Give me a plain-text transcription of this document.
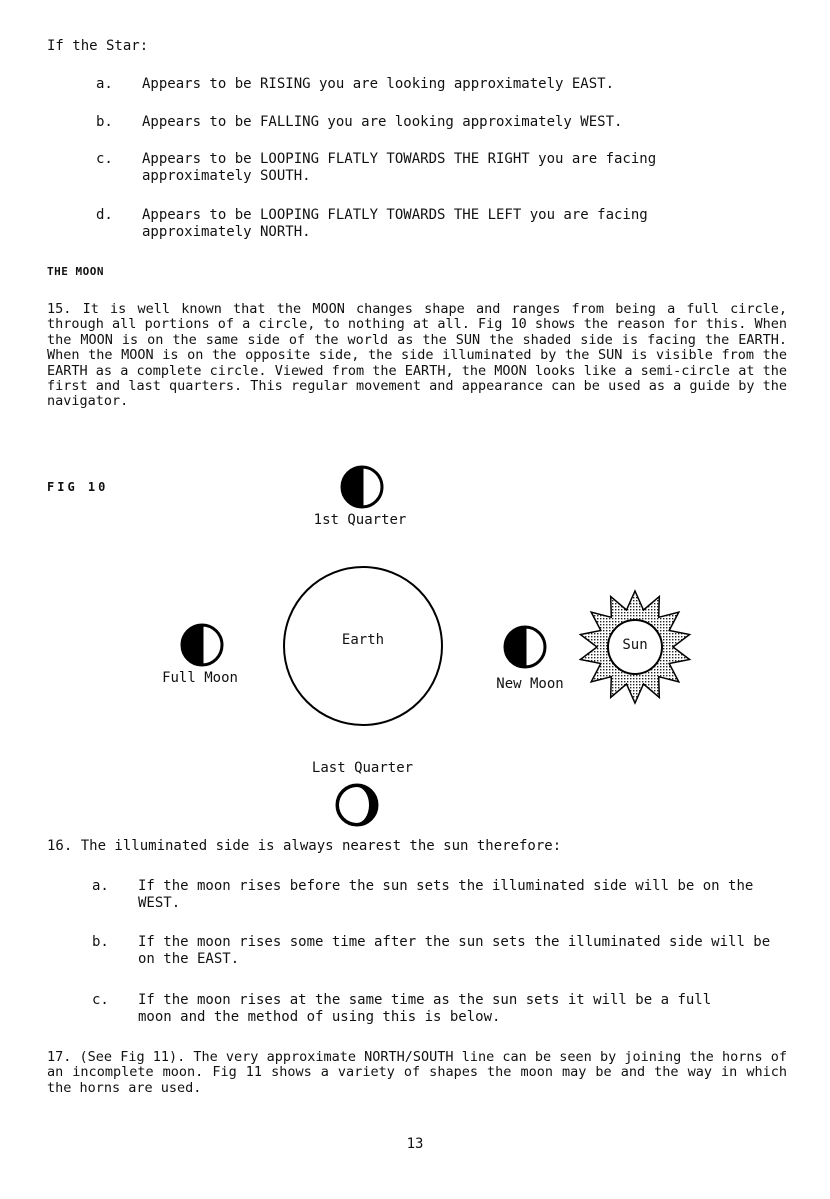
If the Star:
a.	Appears to be RISING you are looking approximately EAST.
b.	Appears to be FALLING you are looking approximately WEST.
c.	Appears to be LOOPING FLATLY TOWARDS THE RIGHT you are facing approximately SOUTH.
d.	Appears to be LOOPING FLATLY TOWARDS THE LEFT you are facing approximately NORTH.
THE MOON
15. It is well known that the MOON changes shape and ranges from being a full circle, through all portions of a circle, to nothing at all. Fig 10 shows the reason for this. When the MOON is on the same side of the world as the SUN the shaded side is facing the EARTH. When the MOON is on the opposite side, the side illuminated by the SUN is visible from the EARTH as a complete circle. Viewed from the EARTH, the MOON looks like a semi-circle at the first and last quarters. This regular movement and appearance can be used as a guide by the navigator.
FIG 10
1st Quarter
Earth
Full Moon	New Moon
Sun
Last Quarter
16. The illuminated side is always nearest the sun therefore:
a.	If the moon rises before the sun sets the illuminated side will be on the WEST.
b.	If the moon rises some time after the sun sets the illuminated side will be on the EAST.
c.	If the moon rises at the same time as the sun sets it will be a full moon and the method of using this is below.
17. (See Fig 11). The very approximate NORTH/SOUTH line can be seen by joining the horns of an incomplete moon. Fig 11 shows a variety of shapes the moon may be and the way in which the horns are used.
13
